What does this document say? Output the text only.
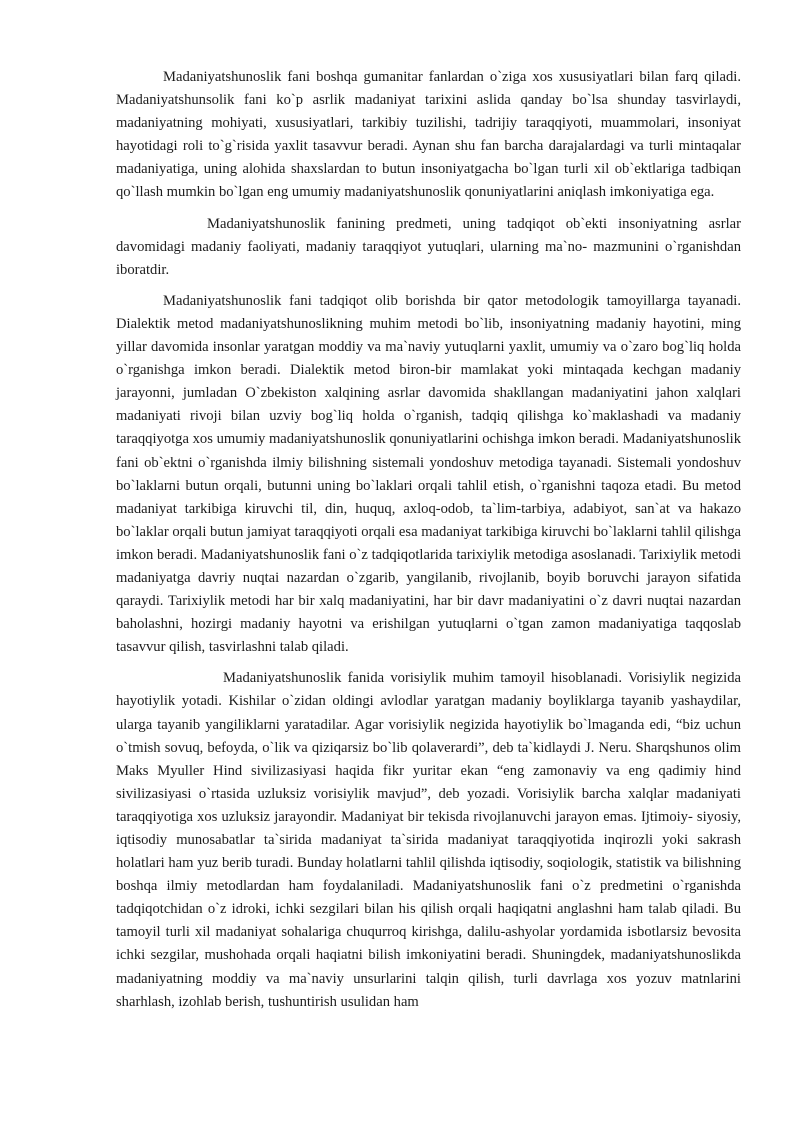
Madaniyatshunoslik fani boshqa gumanitar fanlardan o`ziga xos xususiyatlari bilan farq qiladi. Madaniyatshunsolik fani ko`p asrlik madaniyat tarixini aslida qanday bo`lsa shunday tasvirlaydi, madaniyatning mohiyati, xususiyatlari, tarkibiy tuzilishi, tadrijiy taraqqiyoti, muammolari, insoniyat hayotidagi roli to`g`risida yaxlit tasavvur beradi. Aynan shu fan barcha darajalardagi va turli mintaqalar madaniyatiga, uning alohida shaxslardan to butun insoniyatgacha bo`lgan turli xil ob`ektlariga tadbiqan qo`llash mumkin bo`lgan eng umumiy madaniyatshunoslik qonuniyatlarini aniqlash imkoniyatiga ega.

Madaniyatshunoslik fanining predmeti, uning tadqiqot ob`ekti insoniyatning asrlar davomidagi madaniy faoliyati, madaniy taraqqiyot yutuqlari, ularning ma`no- mazmunini o`rganishdan iboratdir.

Madaniyatshunoslik fani tadqiqot olib borishda bir qator metodologik tamoyillarga tayanadi. Dialektik metod madaniyatshunoslikning muhim metodi bo`lib, insoniyatning madaniy hayotini, ming yillar davomida insonlar yaratgan moddiy va ma`naviy yutuqlarni yaxlit, umumiy va o`zaro bog`liq holda o`rganishga imkon beradi. Dialektik metod biron-bir mamlakat yoki mintaqada kechgan madaniy jarayonni, jumladan O`zbekiston xalqining asrlar davomida shakllangan madaniyatini jahon xalqlari madaniyati rivoji bilan uzviy bog`liq holda o`rganish, tadqiq qilishga ko`maklashadi va madaniy taraqqiyotga xos umumiy madaniyatshunoslik qonuniyatlarini ochishga imkon beradi. Madaniyatshunoslik fani ob`ektni o`rganishda ilmiy bilishning sistemali yondoshuv metodiga tayanadi. Sistemali yondoshuv bo`laklarni butun orqali, butunni uning bo`laklari orqali tahlil etish, o`rganishni taqoza etadi. Bu metod madaniyat tarkibiga kiruvchi til, din, huquq, axloq-odob, ta`lim-tarbiya, adabiyot, san`at va hakazo bo`laklar orqali butun jamiyat taraqqiyoti orqali esa madaniyat tarkibiga kiruvchi bo`laklarni tahlil qilishga imkon beradi. Madaniyatshunoslik fani o`z tadqiqotlarida tarixiylik metodiga asoslanadi. Tarixiylik metodi madaniyatga davriy nuqtai nazardan o`zgarib, yangilanib, rivojlanib, boyib boruvchi jarayon sifatida qaraydi. Tarixiylik metodi har bir xalq madaniyatini, har bir davr madaniyatini o`z davri nuqtai nazardan baholashni, hozirgi madaniy hayotni va erishilgan yutuqlarni o`tgan zamon madaniyatiga taqqoslab tasavvur qilish, tasvirlashni talab qiladi.

Madaniyatshunoslik fanida vorisiylik muhim tamoyil hisoblanadi. Vorisiylik negizida hayotiylik yotadi. Kishilar o`zidan oldingi avlodlar yaratgan madaniy boyliklarga tayanib yashaydilar, ularga tayanib yangiliklarni yaratadilar. Agar vorisiylik negizida hayotiylik bo`lmaganda edi, “biz uchun o`tmish sovuq, befoyda, o`lik va qiziqarsiz bo`lib qolaverardi”, deb ta`kidlaydi J. Neru. Sharqshunos olim Maks Myuller Hind sivilizasiyasi haqida fikr yuritar ekan “eng zamonaviy va eng qadimiy hind sivilizasiyasi o`rtasida uzluksiz vorisiylik mavjud”, deb yozadi. Vorisiylik barcha xalqlar madaniyati taraqqiyotiga xos uzluksiz jarayondir. Madaniyat bir tekisda rivojlanuvchi jarayon emas. Ijtimoiy- siyosiy, iqtisodiy munosabatlar ta`sirida madaniyat ta`sirida madaniyat taraqqiyotida inqirozli yoki sakrash holatlari ham yuz berib turadi. Bunday holatlarni tahlil qilishda iqtisodiy, soqiologik, statistik va bilishning boshqa ilmiy metodlardan ham foydalaniladi. Madaniyatshunoslik fani o`z predmetini o`rganishda tadqiqotchidan o`z idroki, ichki sezgilari bilan his qilish orqali haqiqatni anglashni ham talab qiladi. Bu tamoyil turli xil madaniyat sohalariga chuqurroq kirishga, dalilu-ashyolar yordamida isbotlarsiz bevosita ichki sezgilar, mushohada orqali haqiatni bilish imkoniyatini beradi. Shuningdek, madaniyatshunoslikda madaniyatning moddiy va ma`naviy unsurlarini talqin qilish, turli davrlaga xos yozuv matnlarini sharhlash, izohlab berish, tushuntirish usulidan ham
